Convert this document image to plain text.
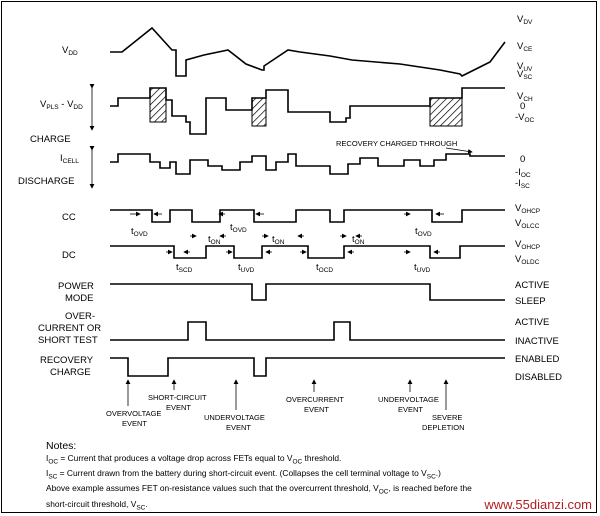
$V_{DD}$
$V_{PLS} - V_{DD}$
CHARGE
$I_{CELL}$
DISCHARGE
CC
DC
POWER
MODE
OVER-
CURRENT OR
SHORT TEST
RECOVERY
CHARGE
$V_{DV}$
$V_{CE}$
$V_{UV}$
$V_{SC}$
$V_{CH}$
0
$-V_{OC}$
0
$-I_{OC}$
$-I_{SC}$
$V_{OHCP}$
$V_{OLCC}$
$V_{OHCP}$
$V_{OLDC}$
ACTIVE
SLEEP
ACTIVE
INACTIVE
ENABLED
DISABLED
RECOVERY CHARGED THROUGH
$t_{OVD}$
$t_{OVD}$
$t_{ON}$	$t_{ON}$	$t_{ON}$
$t_{OVD}$
$t_{SCD}$	$t_{UVD}$	$t_{OCD}$	$t_{UVD}$
OVERVOLTAGE
EVENT
SHORT-CIRCUIT
EVENT
UNDERVOLTAGE
EVENT
OVERCURRENT
EVENT
UNDERVOLTAGE
EVENT
SEVERE
DEPLETION
Notes:
$I_{OC}$ = Current that produces a voltage drop across FETs equal to $V_{OC}$ threshold.
$I_{SC}$ = Current drawn from the battery during short-circuit event. (Collapses the cell terminal voltage to $V_{SC}$.)
Above example assumes FET on-resistance values such that the overcurrent threshold, $V_{OC}$, is reached before the
short-circuit threshold, $V_{SC}$.	www.55dianzi.com
